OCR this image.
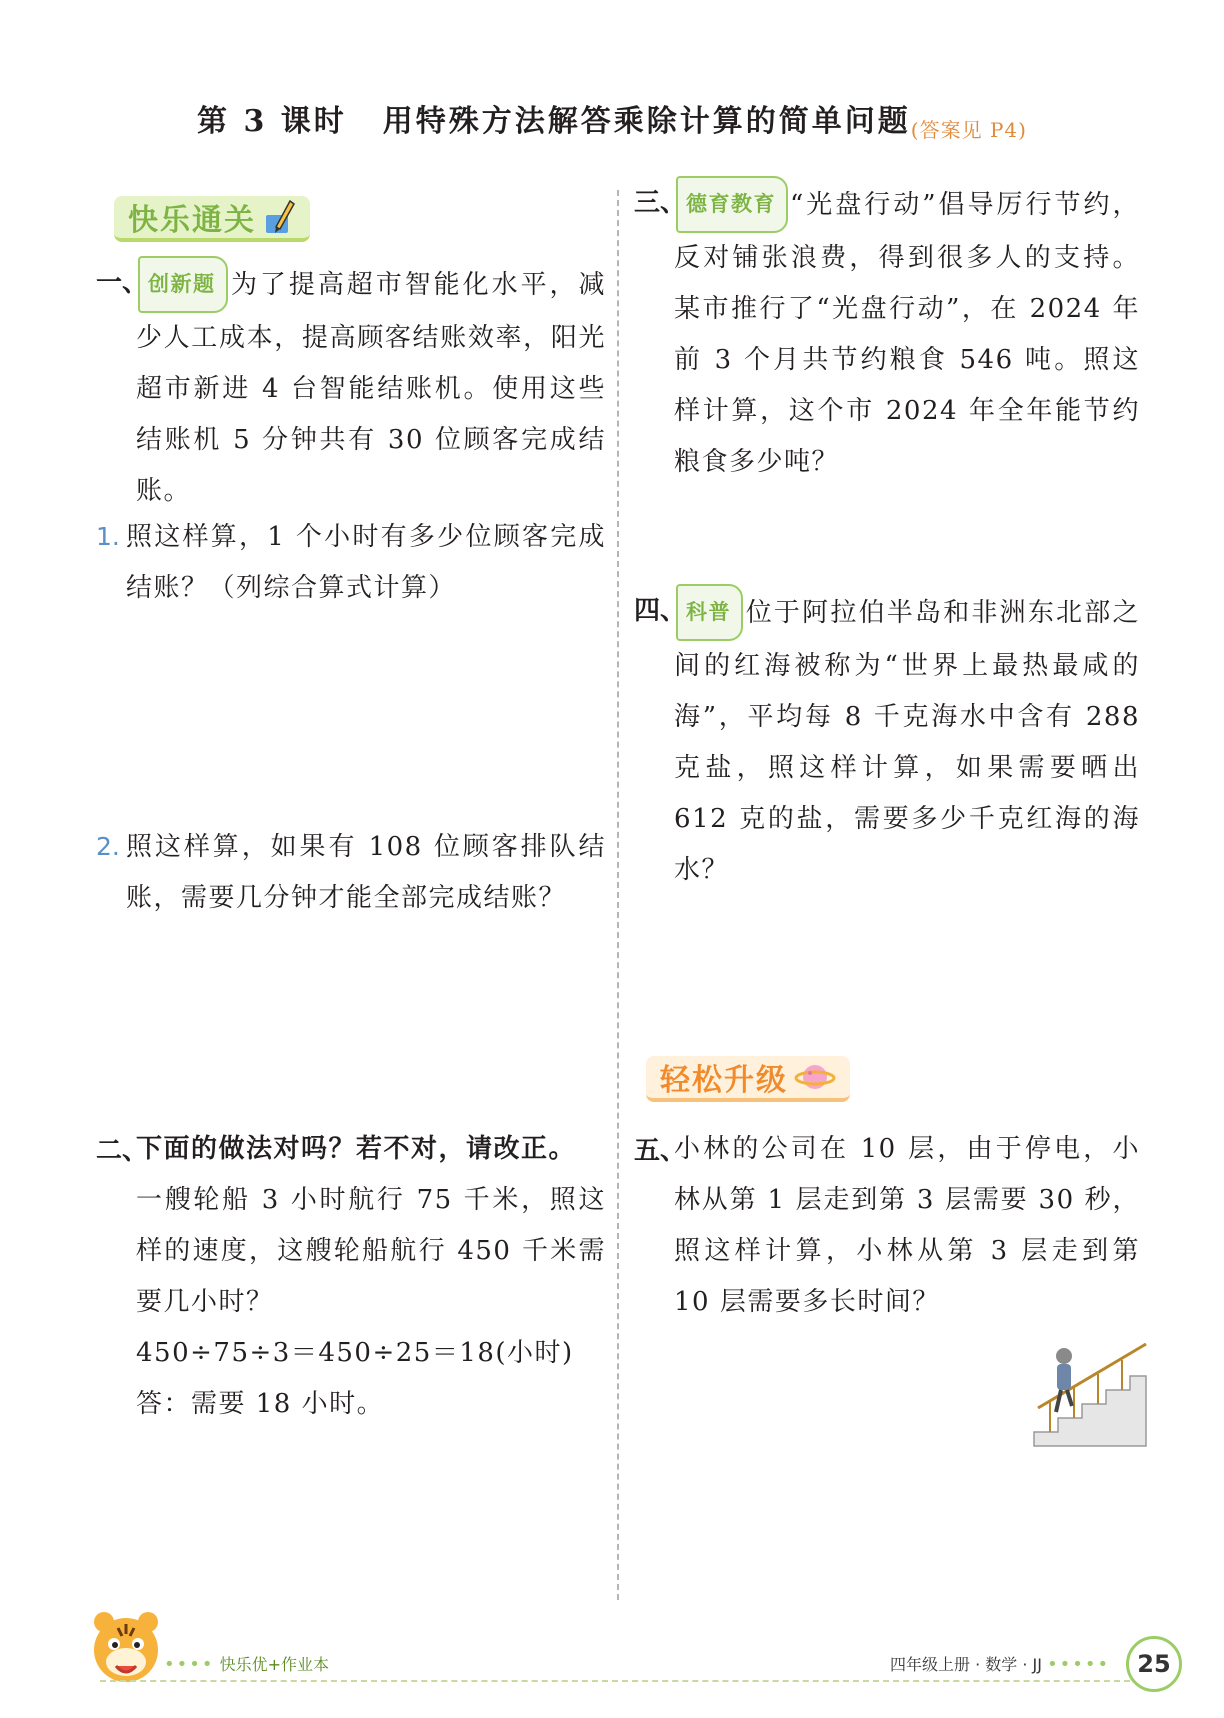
第 3 课时 用特殊方法解答乘除计算的简单问题$_{(答案见 P4)}$
快乐通关
一、 创新题 为了提高超市智能化水平，减少人工成本，提高顾客结账效率，阳光超市新进 4 台智能结账机。使用这些结账机 5 分钟共有 30 位顾客完成结账。
1. 照这样算，1 个小时有多少位顾客完成结账？（列综合算式计算）
2. 照这样算，如果有 108 位顾客排队结账，需要几分钟才能全部完成结账？
二、
下面的做法对吗？若不对，请改正。
一艘轮船 3 小时航行 75 千米，照这样的速度，这艘轮船航行 450 千米需要几小时？
450÷75÷3＝450÷25＝18(小时)
答：需要 18 小时。
三、 德育教育 “光盘行动”倡导厉行节约，反对铺张浪费，得到很多人的支持。某市推行了“光盘行动”，在 2024 年前 3 个月共节约粮食 546 吨。照这样计算，这个市 2024 年全年能节约粮食多少吨？
四、 科普 位于阿拉伯半岛和非洲东北部之间的红海被称为“世界上最热最咸的海”，平均每 8 千克海水中含有 288 克盐，照这样计算，如果需要晒出 612 克的盐，需要多少千克红海的海水？
轻松升级
五、
小林的公司在 10 层，由于停电，小林从第 1 层走到第 3 层需要 30 秒，照这样计算，小林从第 3 层走到第 10 层需要多长时间？
•••• 快乐优+作业本	四年级上册 · 数学 · JJ •••••	25
